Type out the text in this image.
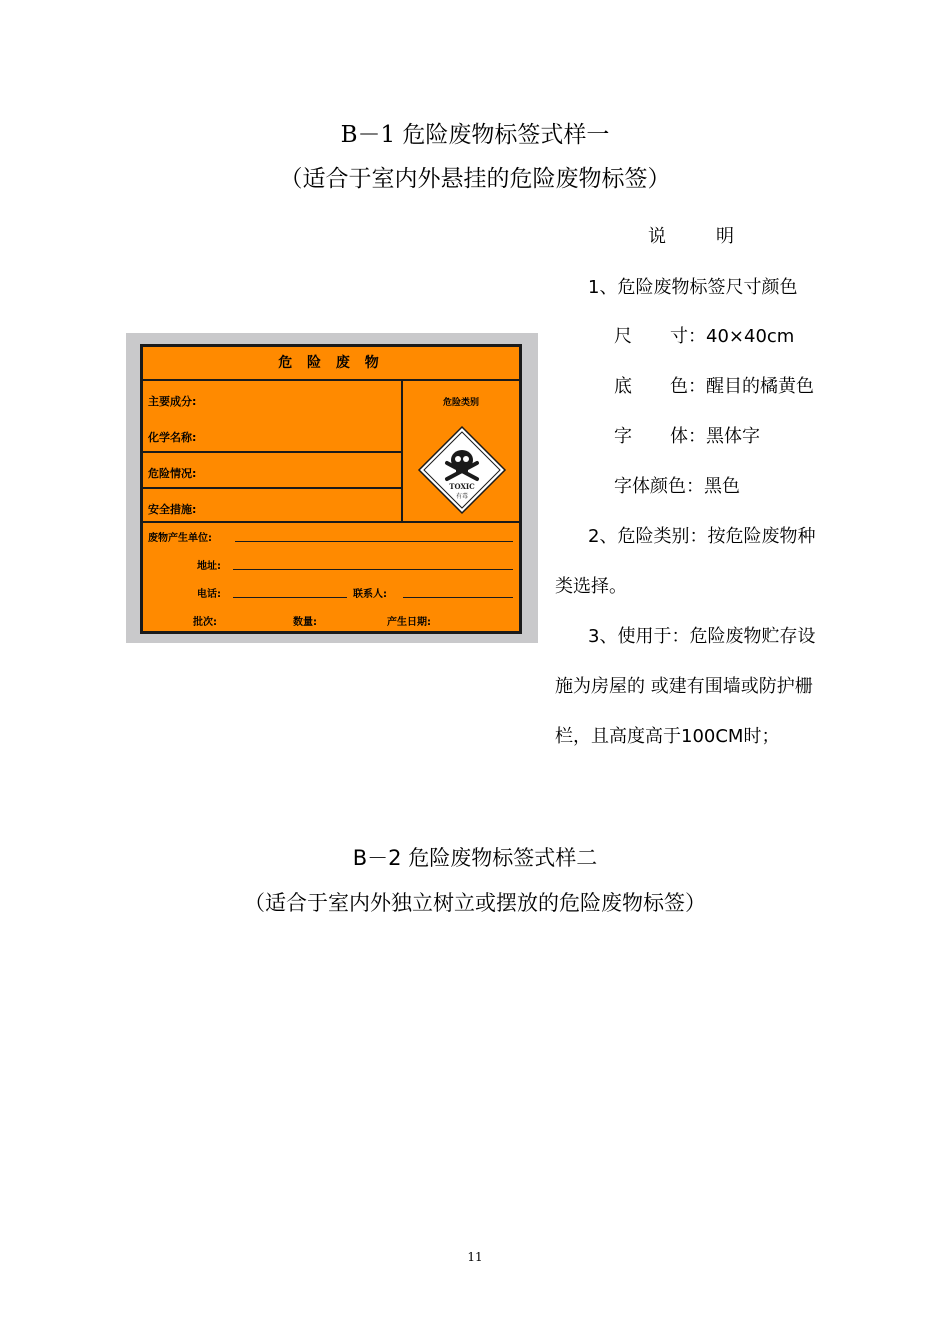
B－1 危险废物标签式样一
（适合于室内外悬挂的危险废物标签）
危 险 废 物
主要成分:
化学名称:
危险情况:
安全措施:
危险类别
TOXIC
有毒
废物产生单位:
地址:
电话:	联系人:
批次:	数量:	产生日期:
说	明
1、危险废物标签尺寸颜色
尺 寸：40×40cm
底 色：醒目的橘黄色
字 体：黑体字
字体颜色：黑色
2、危险类别：按危险废物种
类选择。
3、使用于：危险废物贮存设
施为房屋的 或建有围墙或防护栅
栏，且高度高于100CM时；
B－2 危险废物标签式样二
（适合于室内外独立树立或摆放的危险废物标签）
11
